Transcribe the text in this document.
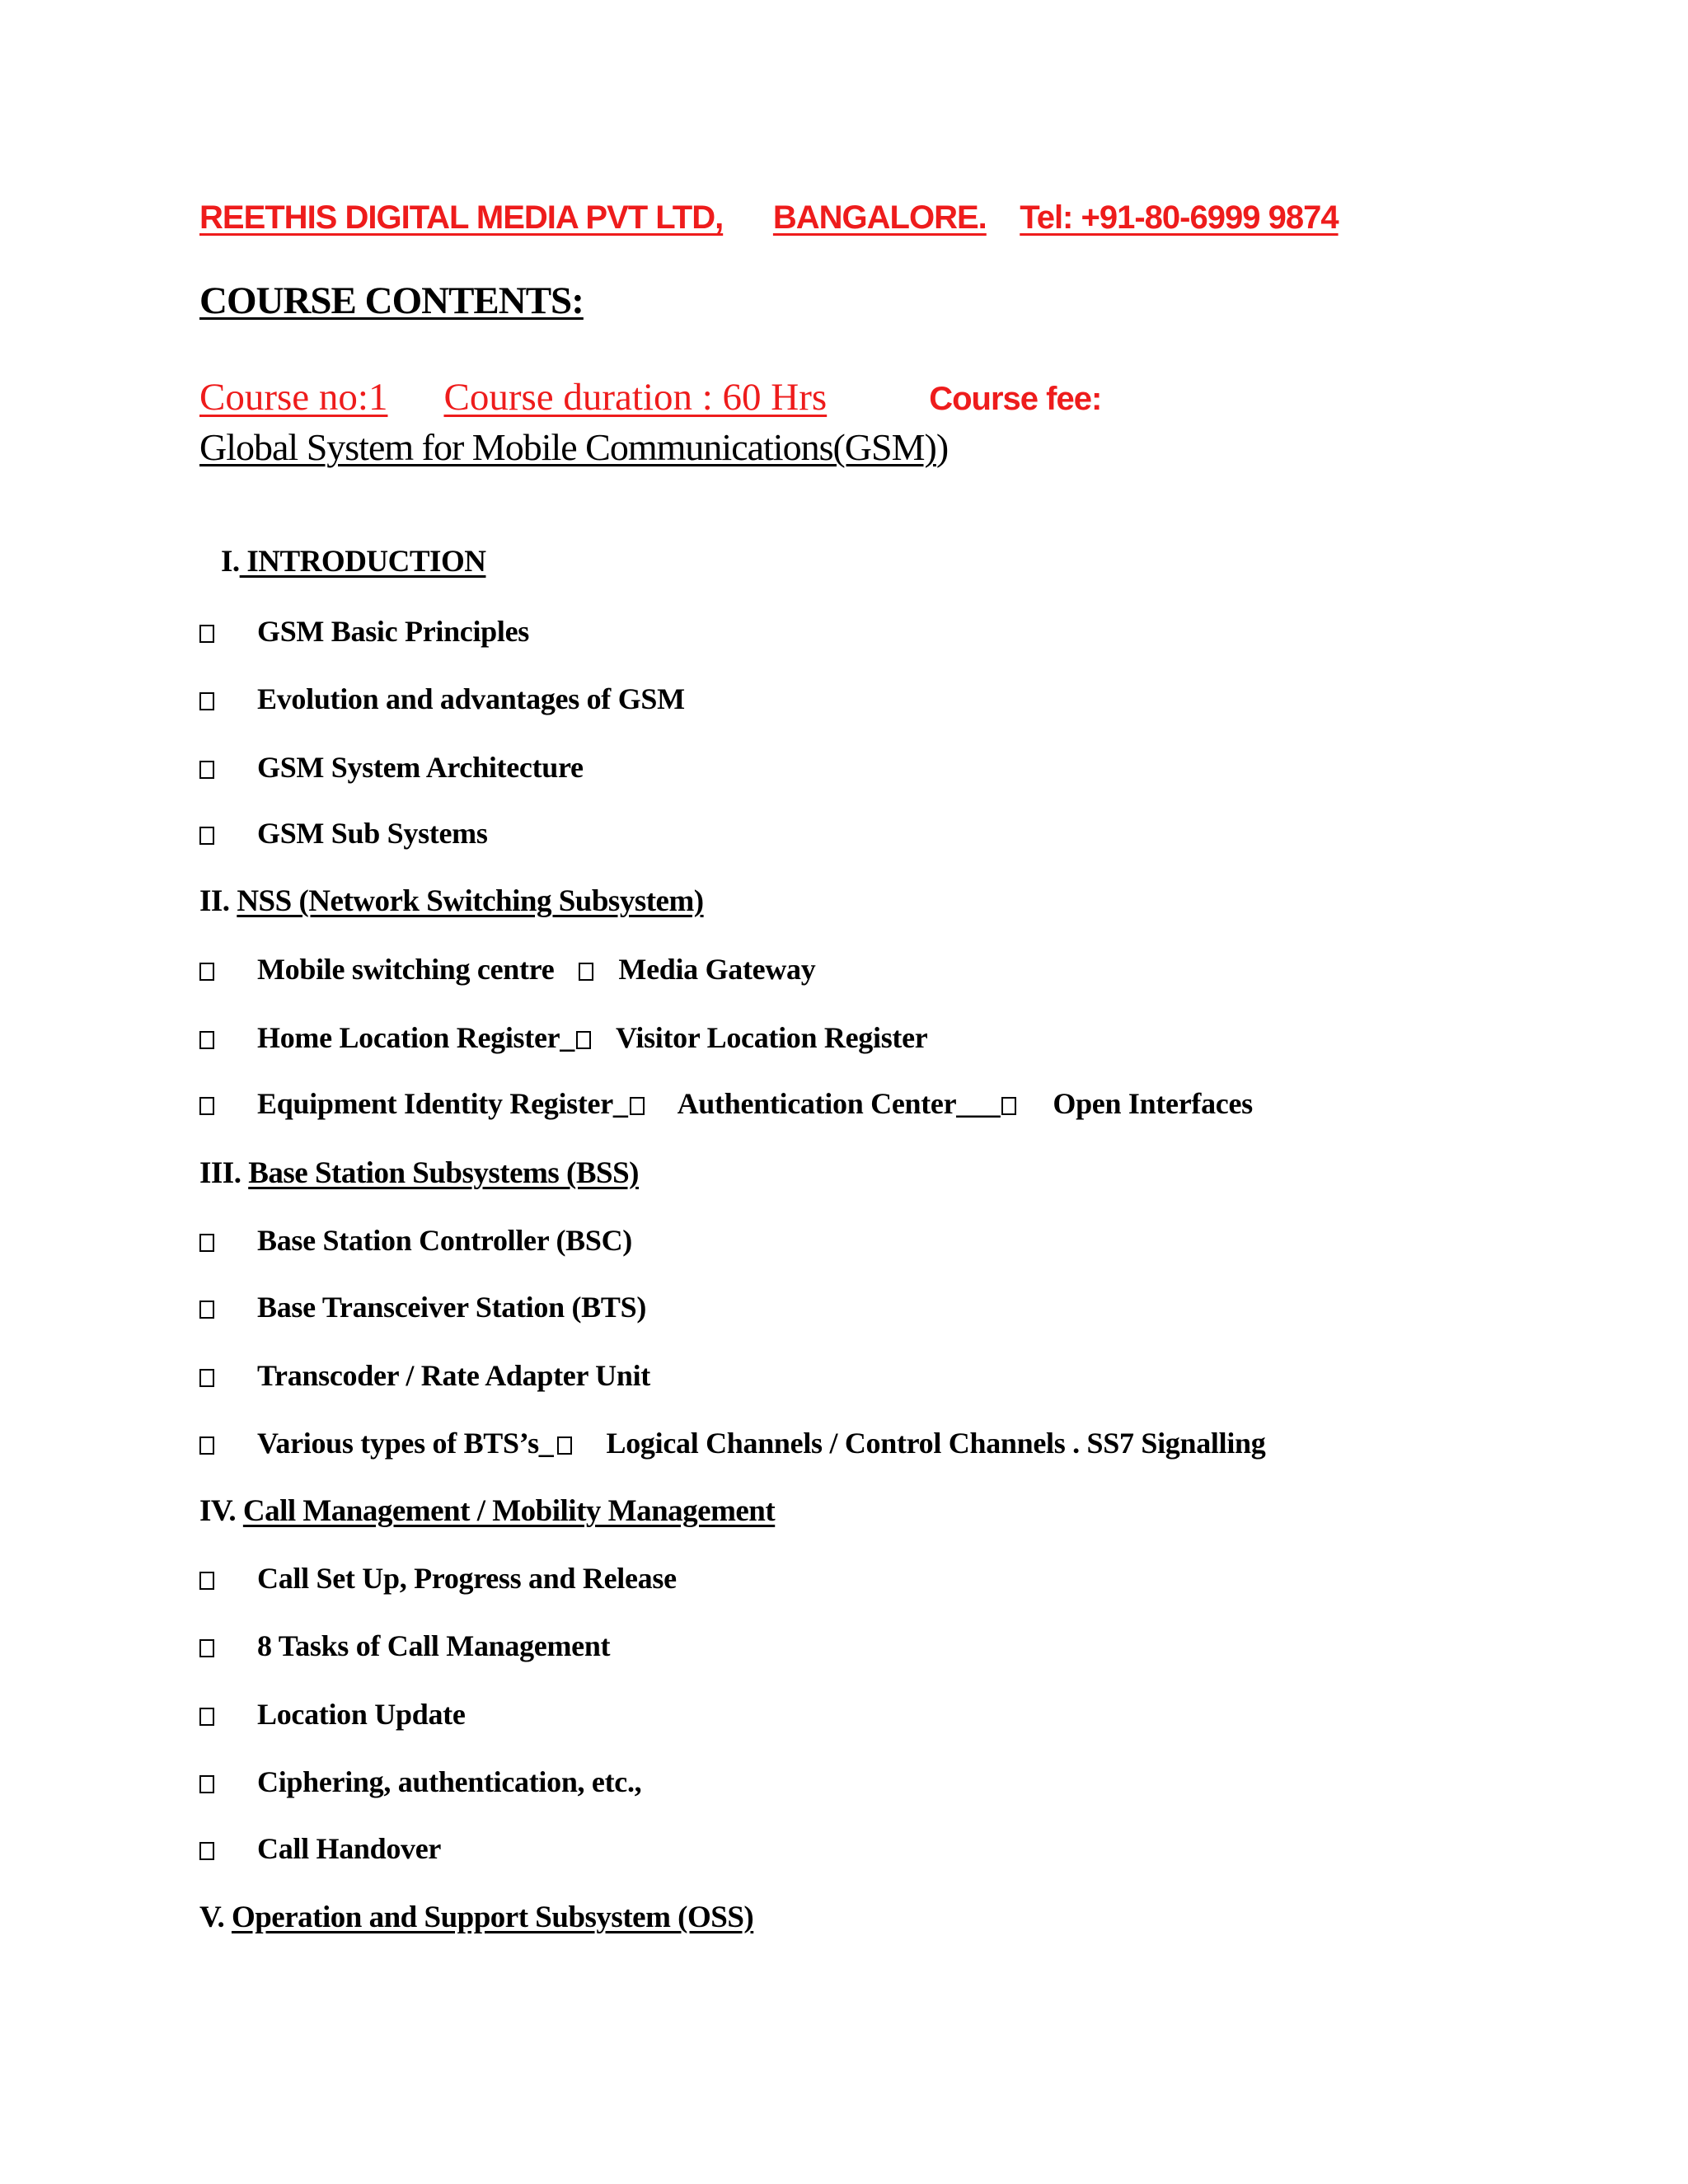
REETHIS DIGITAL MEDIA PVT LTD, BANGALORE. Tel: +91-80-6999 9874
COURSE CONTENTS:
Course no:1 Course duration : 60 Hrs	Course fee:
Global System for Mobile Communications(GSM))
I. INTRODUCTION
GSM Basic Principles
Evolution and advantages of GSM
GSM System Architecture
GSM Sub Systems
II. NSS (Network Switching Subsystem)
Mobile switching centre Media Gateway
Home Location Register_ Visitor Location Register
Equipment Identity Register_ Authentication Center___ Open Interfaces
III. Base Station Subsystems (BSS)
Base Station Controller (BSC)
Base Transceiver Station (BTS)
Transcoder / Rate Adapter Unit
Various types of BTS’s_ Logical Channels / Control Channels . SS7 Signalling
IV. Call Management / Mobility Management
Call Set Up, Progress and Release
8 Tasks of Call Management
Location Update
Ciphering, authentication, etc.,
Call Handover
V. Operation and Support Subsystem (OSS)
